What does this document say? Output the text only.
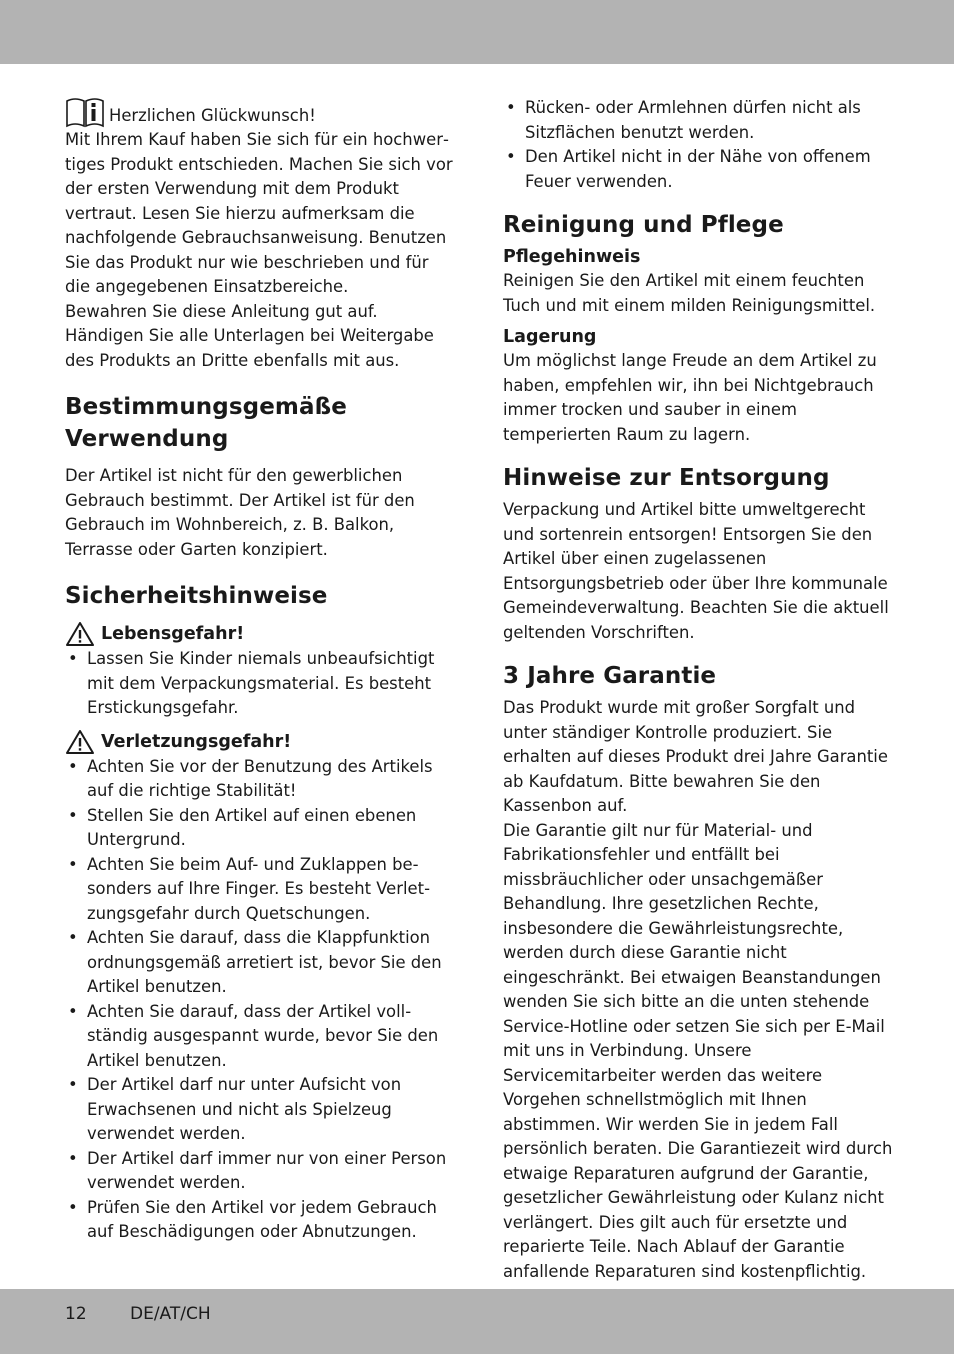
Herzlichen Glückwunsch!

Mit Ihrem Kauf haben Sie sich für ein hochwertiges Produkt entschieden. Machen Sie sich vor der ersten Verwendung mit dem Produkt vertraut. Lesen Sie hierzu aufmerksam die nachfolgende Gebrauchsanweisung. Benutzen Sie das Produkt nur wie beschrieben und für die angegebenen Einsatzbereiche.

Bewahren Sie diese Anleitung gut auf. Händigen Sie alle Unterlagen bei Weitergabe des Produkts an Dritte ebenfalls mit aus.

Bestimmungsgemäße Verwendung

Der Artikel ist nicht für den gewerblichen Gebrauch bestimmt. Der Artikel ist für den Gebrauch im Wohnbereich, z. B. Balkon, Terrasse oder Garten konzipiert.

Sicherheitshinweise
Lebensgefahr!
• Lassen Sie Kinder niemals unbeaufsichtigt mit dem Verpackungsmaterial. Es besteht Erstickungsgefahr.
Verletzungsgefahr!
• Achten Sie vor der Benutzung des Artikels auf die richtige Stabilität!
• Stellen Sie den Artikel auf einen ebenen Untergrund.
• Achten Sie beim Auf- und Zuklappen besonders auf Ihre Finger. Es besteht Verletzungsgefahr durch Quetschungen.
• Achten Sie darauf, dass die Klappfunktion ordnungsgemäß arretiert ist, bevor Sie den Artikel benutzen.
• Achten Sie darauf, dass der Artikel vollständig ausgespannt wurde, bevor Sie den Artikel benutzen.
• Der Artikel darf nur unter Aufsicht von Erwachsenen und nicht als Spielzeug verwendet werden.
• Der Artikel darf immer nur von einer Person verwendet werden.
• Prüfen Sie den Artikel vor jedem Gebrauch auf Beschädigungen oder Abnutzungen.
• Rücken- oder Armlehnen dürfen nicht als Sitzflächen benutzt werden.
• Den Artikel nicht in der Nähe von offenem Feuer verwenden.
Reinigung und Pflege
Pflegehinweis

Reinigen Sie den Artikel mit einem feuchten Tuch und mit einem milden Reinigungsmittel.

Lagerung

Um möglichst lange Freude an dem Artikel zu haben, empfehlen wir, ihn bei Nichtgebrauch immer trocken und sauber in einem temperierten Raum zu lagern.

Hinweise zur Entsorgung

Verpackung und Artikel bitte umweltgerecht und sortenrein entsorgen! Entsorgen Sie den Artikel über einen zugelassenen Entsorgungsbetrieb oder über Ihre kommunale Gemeindeverwaltung. Beachten Sie die aktuell geltenden Vorschriften.

3 Jahre Garantie

Das Produkt wurde mit großer Sorgfalt und unter ständiger Kontrolle produziert. Sie erhalten auf dieses Produkt drei Jahre Garantie ab Kaufdatum. Bitte bewahren Sie den Kassenbon auf.

Die Garantie gilt nur für Material- und Fabrikationsfehler und entfällt bei missbräuchlicher oder unsachgemäßer Behandlung. Ihre gesetzlichen Rechte, insbesondere die Gewährleistungsrechte, werden durch diese Garantie nicht eingeschränkt. Bei etwaigen Beanstandungen wenden Sie sich bitte an die unten stehende Service-Hotline oder setzen Sie sich per E-Mail mit uns in Verbindung. Unsere Servicemitarbeiter werden das weitere Vorgehen schnellstmöglich mit Ihnen abstimmen. Wir werden Sie in jedem Fall persönlich beraten. Die Garantiezeit wird durch etwaige Reparaturen aufgrund der Garantie, gesetzlicher Gewährleistung oder Kulanz nicht verlängert. Dies gilt auch für ersetzte und reparierte Teile. Nach Ablauf der Garantie anfallende Reparaturen sind kostenpflichtig.

12	DE/AT/CH
